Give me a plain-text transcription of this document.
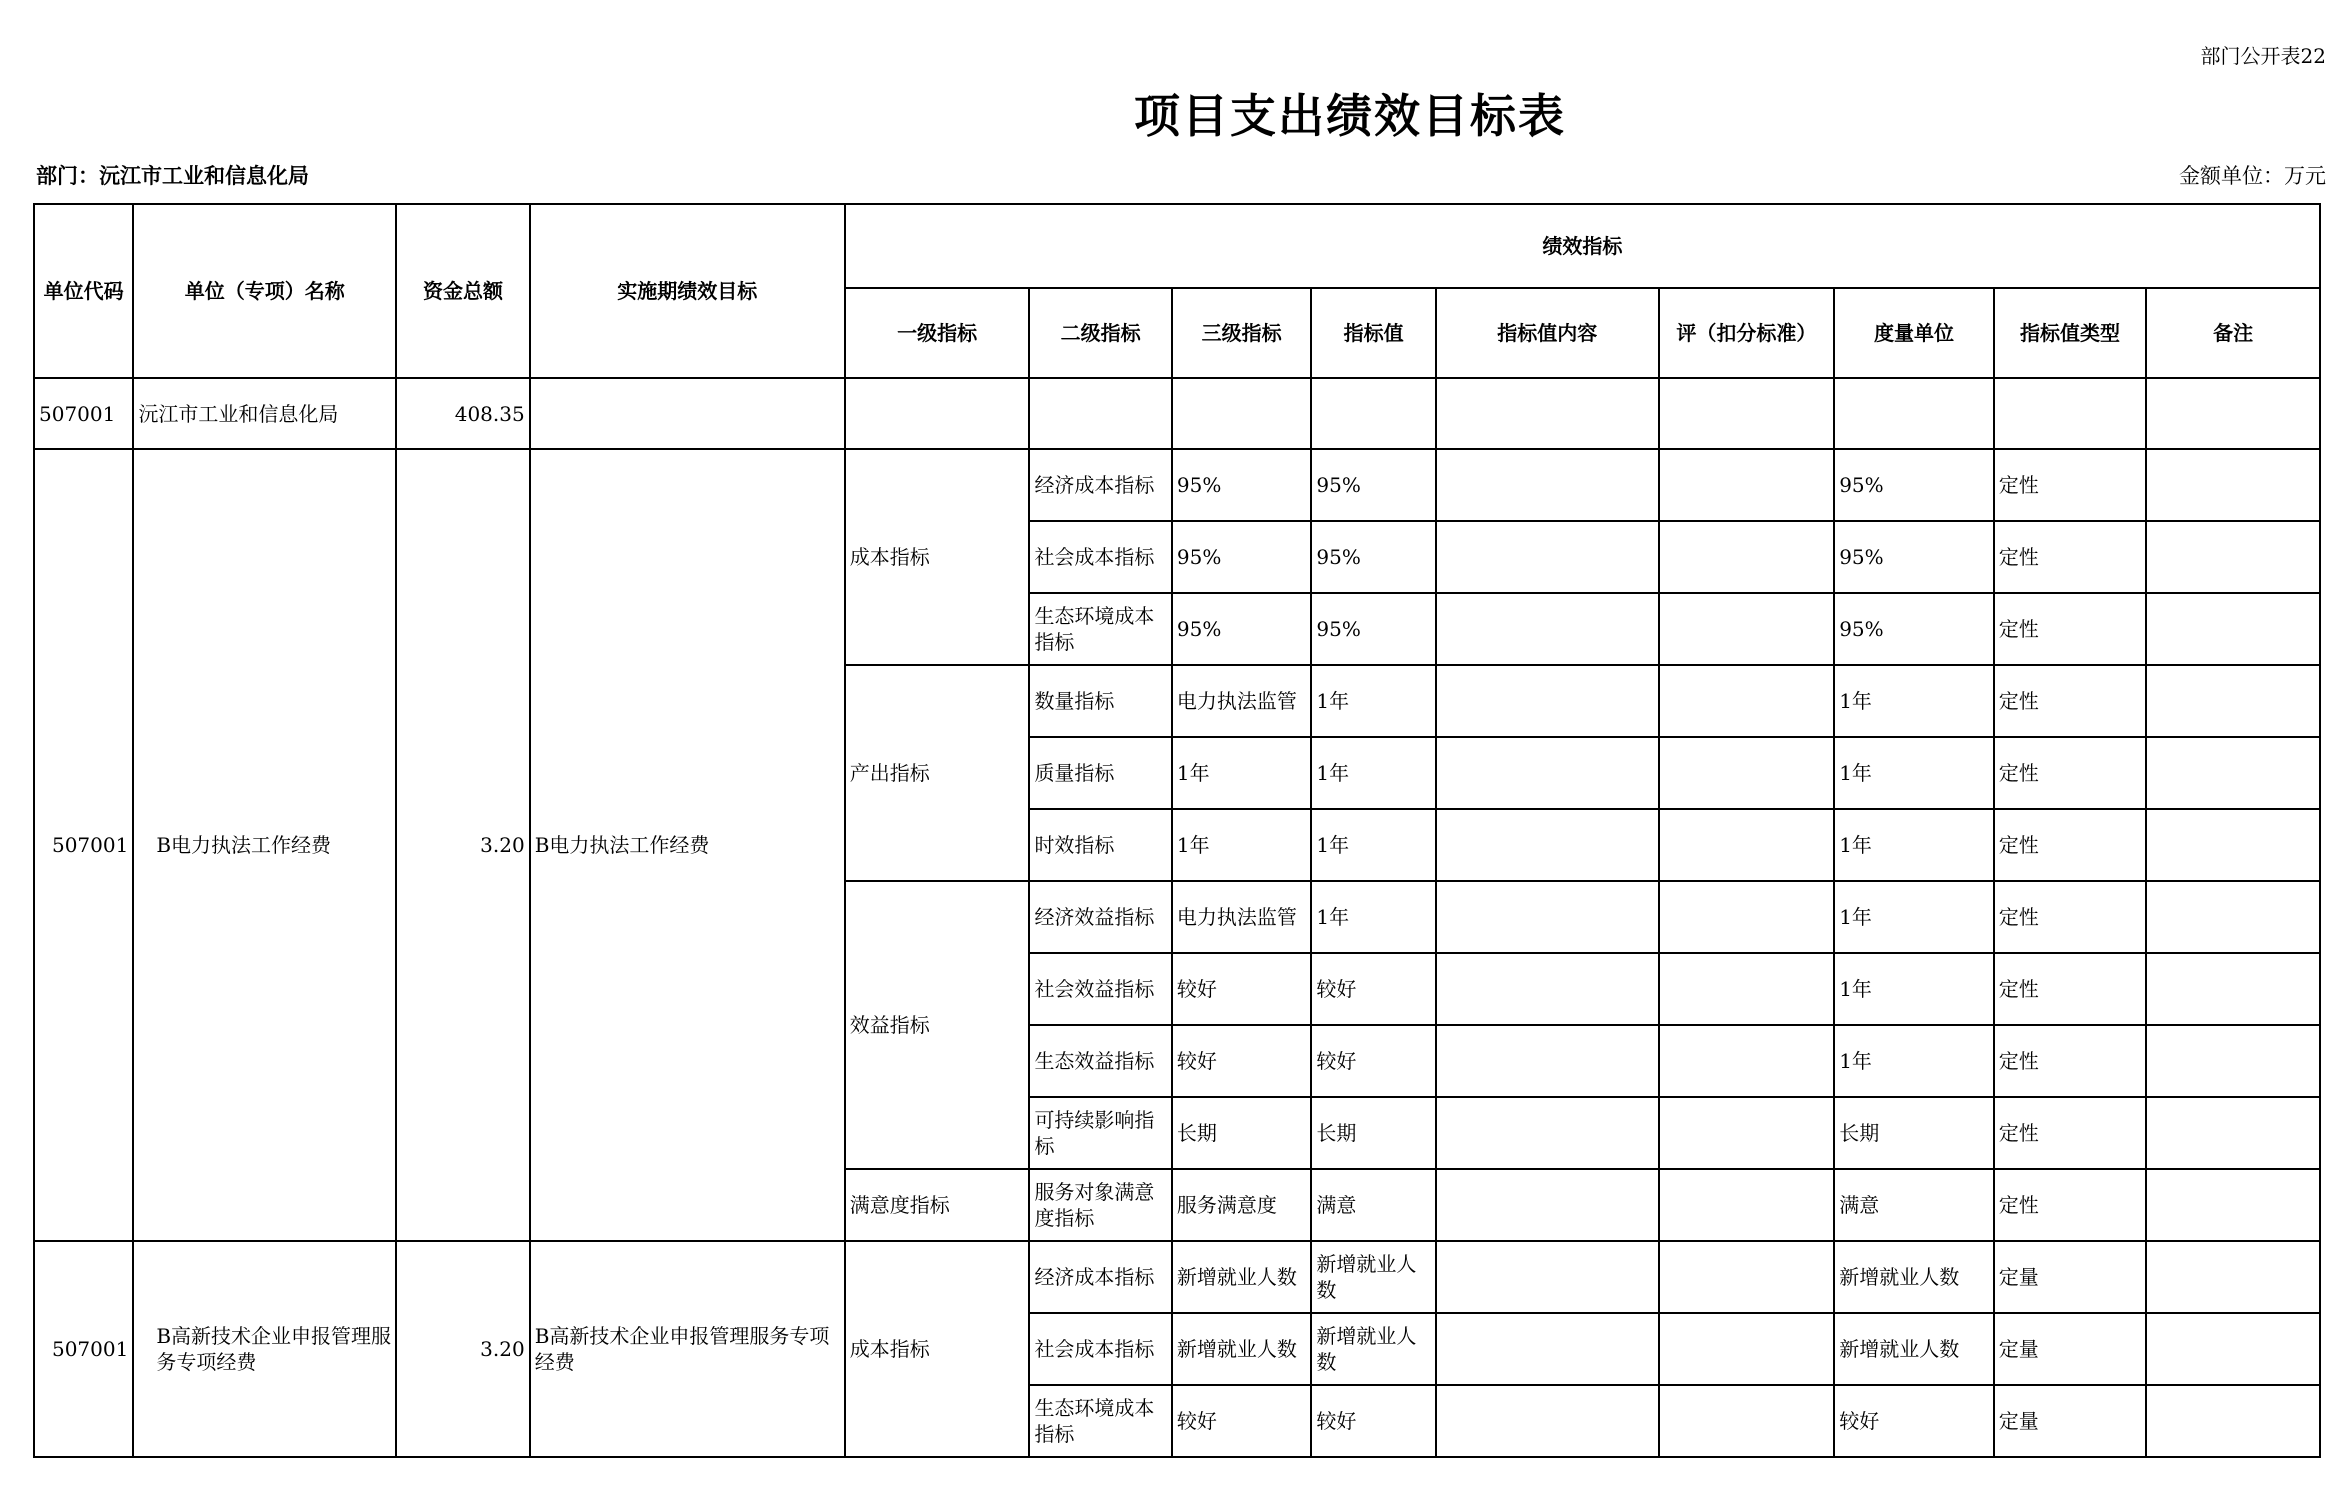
部门公开表22
项目支出绩效目标表
部门：沅江市工业和信息化局	金额单位：万元
单位代码	单位（专项）名称	资金总额	实施期绩效目标	绩效指标								
				一级指标	二级指标	三级指标	指标值	指标值内容	评（扣分标准）	度量单位	指标值类型	备注
507001	沅江市工业和信息化局	408.35										
507001	B电力执法工作经费	3.20	B电力执法工作经费	成本指标	经济成本指标	95%	95%			95%	定性	
					社会成本指标	95%	95%			95%	定性	
					生态环境成本指标	95%	95%			95%	定性	
				产出指标	数量指标	电力执法监管	1年			1年	定性	
					质量指标	1年	1年			1年	定性	
					时效指标	1年	1年			1年	定性	
				效益指标	经济效益指标	电力执法监管	1年			1年	定性	
					社会效益指标	较好	较好			1年	定性	
					生态效益指标	较好	较好			1年	定性	
					可持续影响指标	长期	长期			长期	定性	
				满意度指标	服务对象满意度指标	服务满意度	满意			满意	定性	
507001	B高新技术企业申报管理服务专项经费	3.20	B高新技术企业申报管理服务专项经费	成本指标	经济成本指标	新增就业人数	新增就业人数			新增就业人数	定量	
					社会成本指标	新增就业人数	新增就业人数			新增就业人数	定量	
					生态环境成本指标	较好	较好			较好	定量	
